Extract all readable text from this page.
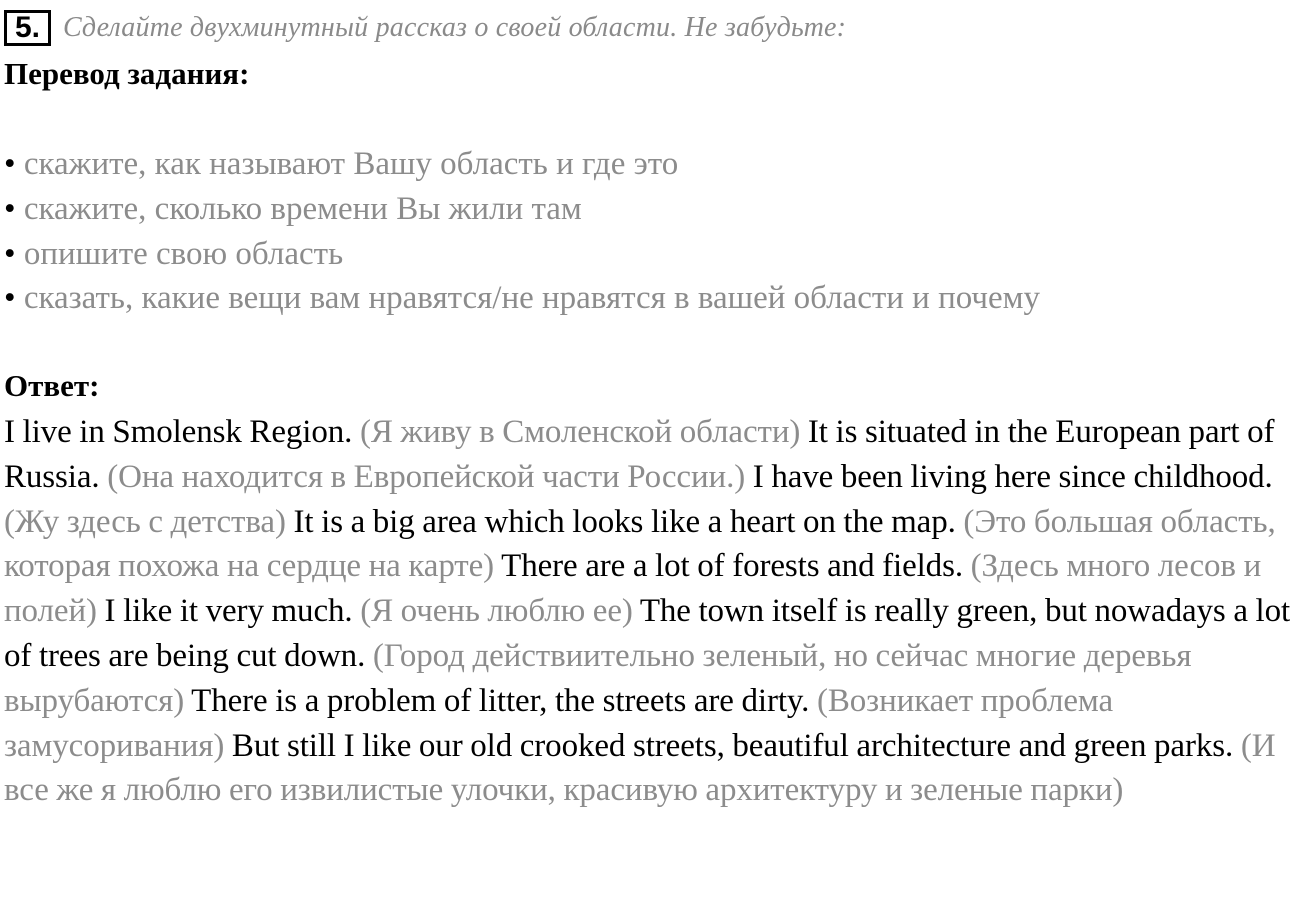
5. Сделайте двухминутный рассказ о своей области. Не забудьте:
Перевод задания:
• скажите, как называют Вашу область и где это
• скажите, сколько времени Вы жили там
• опишите свою область
• сказать, какие вещи вам нравятся/не нравятся в вашей области и почему
Ответ:
I live in Smolensk Region. (Я живу в Смоленской области) It is situated in the European part of Russia. (Она находится в Европейской части России.) I have been living here since childhood. (Жу здесь с детства) It is a big area which looks like a heart on the map. (Это большая область, которая похожа на сердце на карте) There are a lot of forests and fields. (Здесь много лесов и полей) I like it very much. (Я очень люблю ее) The town itself is really green, but nowadays a lot of trees are being cut down. (Город действиительно зеленый, но сейчас многие деревья вырубаются) There is a problem of litter, the streets are dirty. (Возникает проблема замусоривания) But still I like our old crooked streets, beautiful architecture and green parks. (И все же я люблю его извилистые улочки, красивую архитектуру и зеленые парки)
